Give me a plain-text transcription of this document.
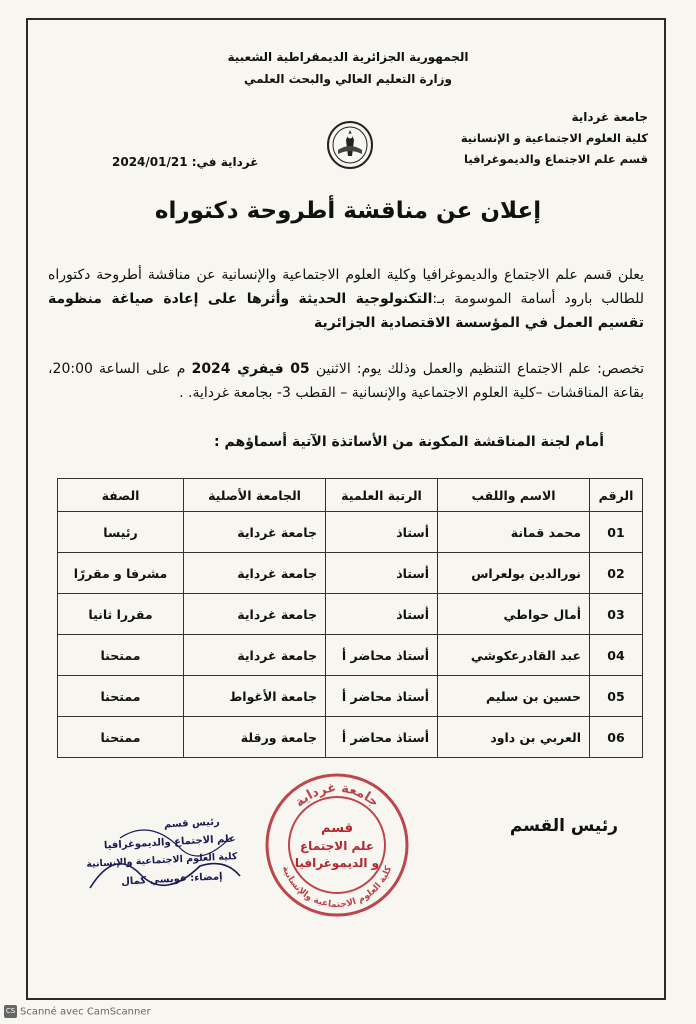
الجمهورية الجزائرية الديمقراطية الشعبية
وزارة التعليم العالي والبحث العلمي
جامعة غرداية
كلية العلوم الاجتماعية و الإنسانية
قسم علم الاجتماع والديموغرافيا
غرداية في: 2024/01/21
إعلان عن مناقشة أطروحة دكتوراه
يعلن قسم علم الاجتماع والديموغرافيا وكلية العلوم الاجتماعية والإنسانية عن مناقشة أطروحة دكتوراه للطالب بارود أسامة الموسومة بـ:التكنولوجية الحديثة وأثرها على إعادة صياغة منظومة تقسيم العمل في المؤسسة الاقتصادية الجزائرية
تخصص: علم الاجتماع التنظيم والعمل وذلك يوم: الاثنين 05 فيفري 2024 م على الساعة 20:00، بقاعة المناقشات –كلية العلوم الاجتماعية والإنسانية – القطب 3- بجامعة غرداية. .
أمام لجنة المناقشة المكونة من الأساتذة الآتية أسماؤهم :
الرقم	الاسم واللقب	الرتبة العلمية	الجامعة الأصلية	الصفة
01	محمد قمانة	أستاذ	جامعة غرداية	رئيسا
02	نورالدين بولعراس	أستاذ	جامعة غرداية	مشرفا و مقررًا
03	أمال حواطي	أستاذ	جامعة غرداية	مقررا ثانيا
04	عبد القادرعكوشي	أستاذ محاضر أ	جامعة غرداية	ممتحنا
05	حسين بن سليم	أستاذ محاضر أ	جامعة الأغواط	ممتحنا
06	العربي بن داود	أستاذ محاضر أ	جامعة ورقلة	ممتحنا
رئيس القسم
جامعة غرداية
كلية العلوم الاجتماعية والإنسانية
قسم
علم الاجتماع
و الديموغرافيا
رئيس قسم
علم الاجتماع والديموغرافيا
كلية العلوم الاجتماعية والإنسانية
إمضاء: عويسي كمال
CS Scanné avec CamScanner
